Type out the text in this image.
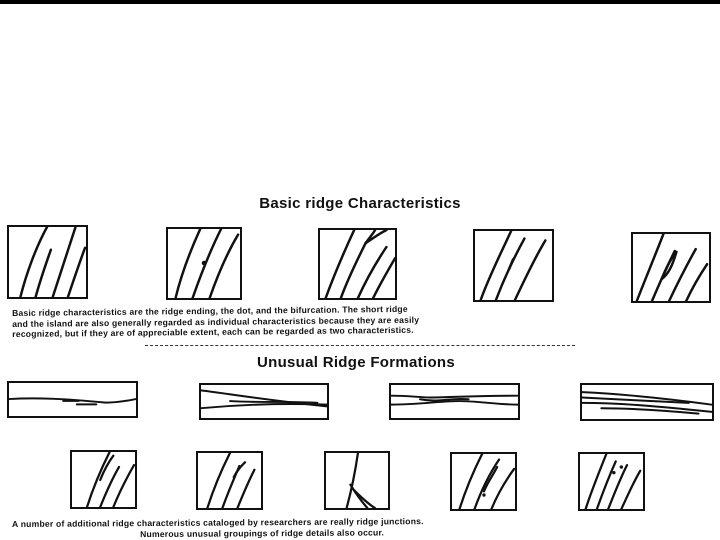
Basic ridge Characteristics
Basic ridge characteristics are the ridge ending, the dot, and the bifurcation. The short ridge
and the island are also generally regarded as individual characteristics because they are easily
recognized, but if they are of appreciable extent, each can be regarded as two characteristics.
Unusual Ridge Formations
A number of additional ridge characteristics cataloged by researchers are really ridge junctions.
Numerous unusual groupings of ridge details also occur.
